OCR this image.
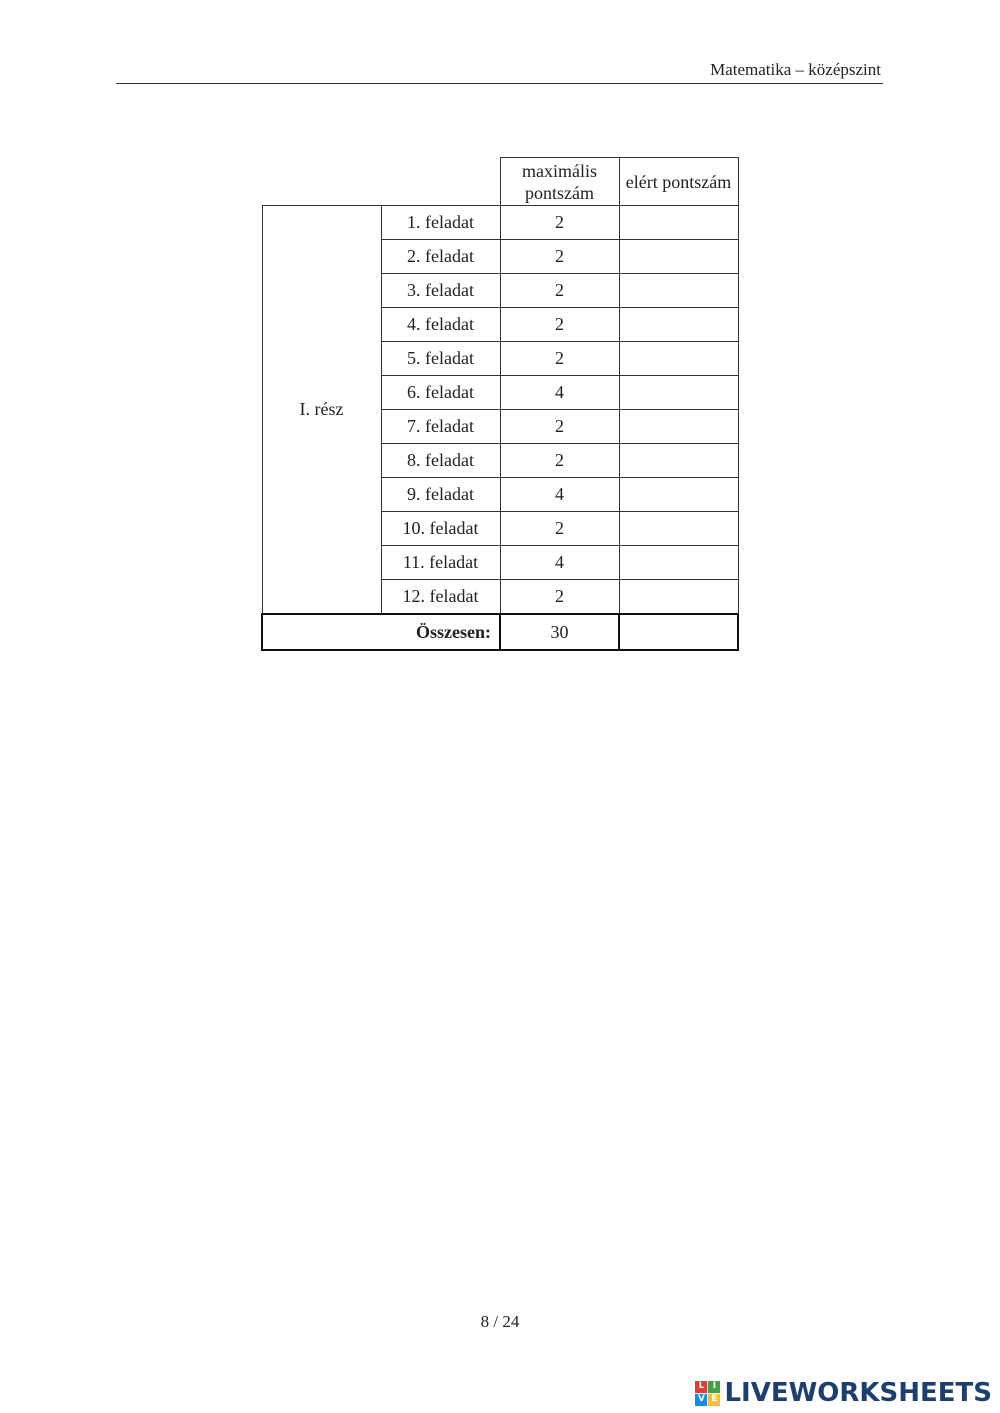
Matematika – középszint
		maximális pontszám	elért pontszám
I. rész	1. feladat	2	
	2. feladat	2	
	3. feladat	2	
	4. feladat	2	
	5. feladat	2	
	6. feladat	4	
	7. feladat	2	
	8. feladat	2	
	9. feladat	4	
	10. feladat	2	
	11. feladat	4	
	12. feladat	2	
Összesen:		30	
8 / 24
L I
V E LIVEWORKSHEETS
